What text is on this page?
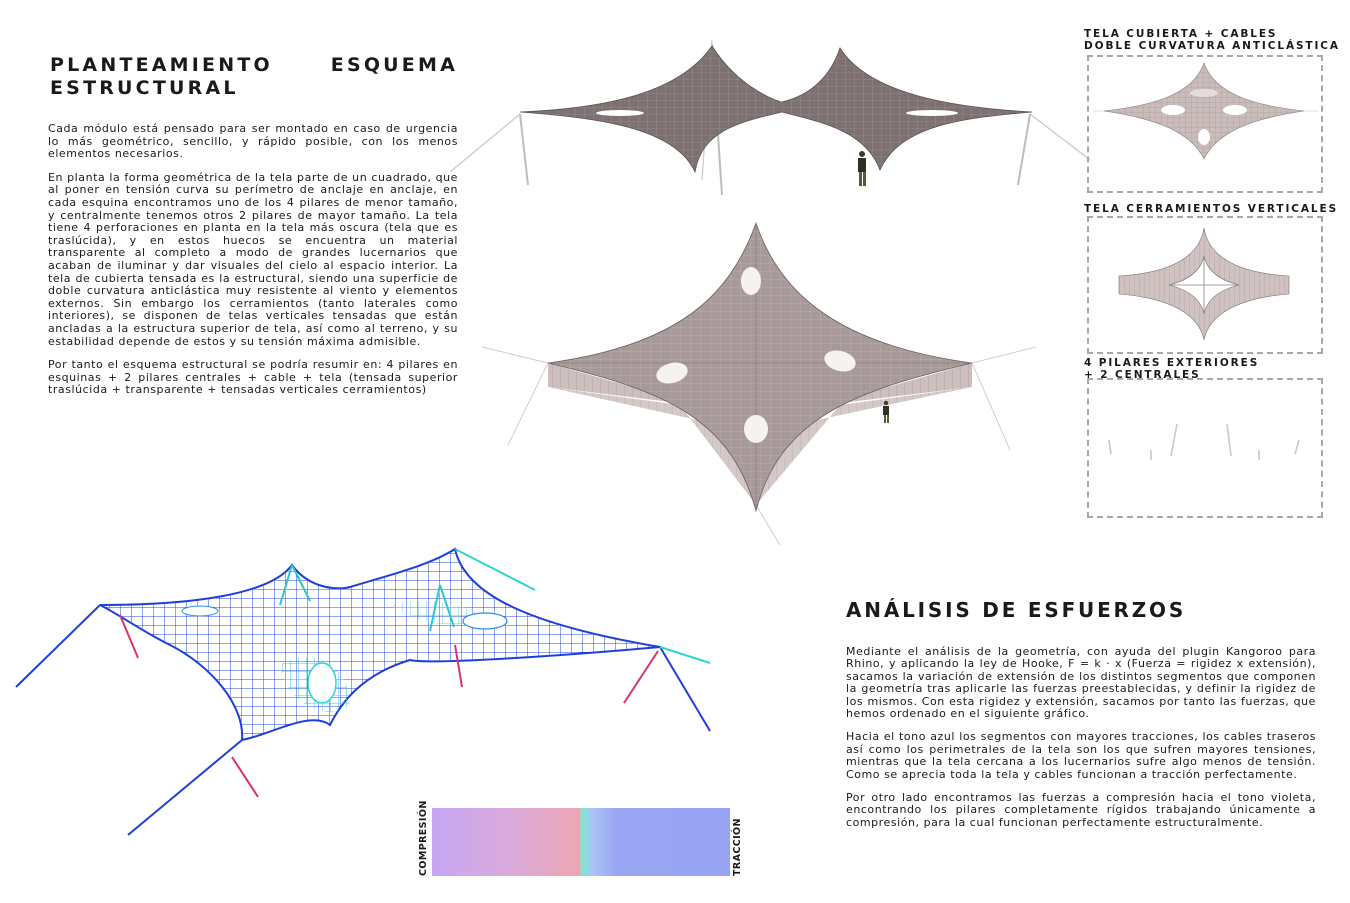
PLANTEAMIENTO ESQUEMA
ESTRUCTURAL

Cada módulo está pensado para ser montado en caso de urgencia lo más geométrico, sencillo, y rápido posible, con los menos elementos necesarios.

En planta la forma geométrica de la tela parte de un cuadrado, que al poner en tensión curva su perímetro de anclaje en anclaje, en cada esquina encontramos uno de los 4 pilares de menor tamaño, y centralmente tenemos otros 2 pilares de mayor tamaño. La tela tiene 4 perforaciones en planta en la tela más oscura (tela que es traslúcida), y en estos huecos se encuentra un material transparente al completo a modo de grandes lucernarios que acaban de iluminar y dar visuales del cielo al espacio interior. La tela de cubierta tensada es la estructural, siendo una superficie de doble curvatura anticlástica muy resistente al viento y elementos externos. Sin embargo los cerramientos (tanto laterales como interiores), se disponen de telas verticales tensadas que están ancladas a la estructura superior de tela, así como al terreno, y su estabilidad depende de estos y su tensión máxima admisible.

Por tanto el esquema estructural se podría resumir en: 4 pilares en esquinas + 2 pilares centrales + cable + tela (tensada superior traslúcida + transparente + tensadas verticales cerramientos)

TELA CUBIERTA + CABLES
DOBLE CURVATURA ANTICLÁSTICA
TELA CERRAMIENTOS VERTICALES
4 PILARES EXTERIORES
+ 2 CENTRALES
COMPRESIÓN	TRACCIÓN
ANÁLISIS DE ESFUERZOS

Mediante el análisis de la geometría, con ayuda del plugin Kangoroo para Rhino, y aplicando la ley de Hooke, F = k · x (Fuerza = rigidez x extensión), sacamos la variación de extensión de los distintos segmentos que componen la geometría tras aplicarle las fuerzas preestablecidas, y definir la rigidez de los mismos. Con esta rigidez y extensión, sacamos por tanto las fuerzas, que hemos ordenado en el siguiente gráfico.

Hacia el tono azul los segmentos con mayores tracciones, los cables traseros así como los perimetrales de la tela son los que sufren mayores tensiones, mientras que la tela cercana a los lucernarios sufre algo menos de tensión. Como se aprecia toda la tela y cables funcionan a tracción perfectamente.

Por otro lado encontramos las fuerzas a compresión hacia el tono violeta, encontrando los pilares completamente rígidos trabajando únicamente a compresión, para la cual funcionan perfectamente estructuralmente.
